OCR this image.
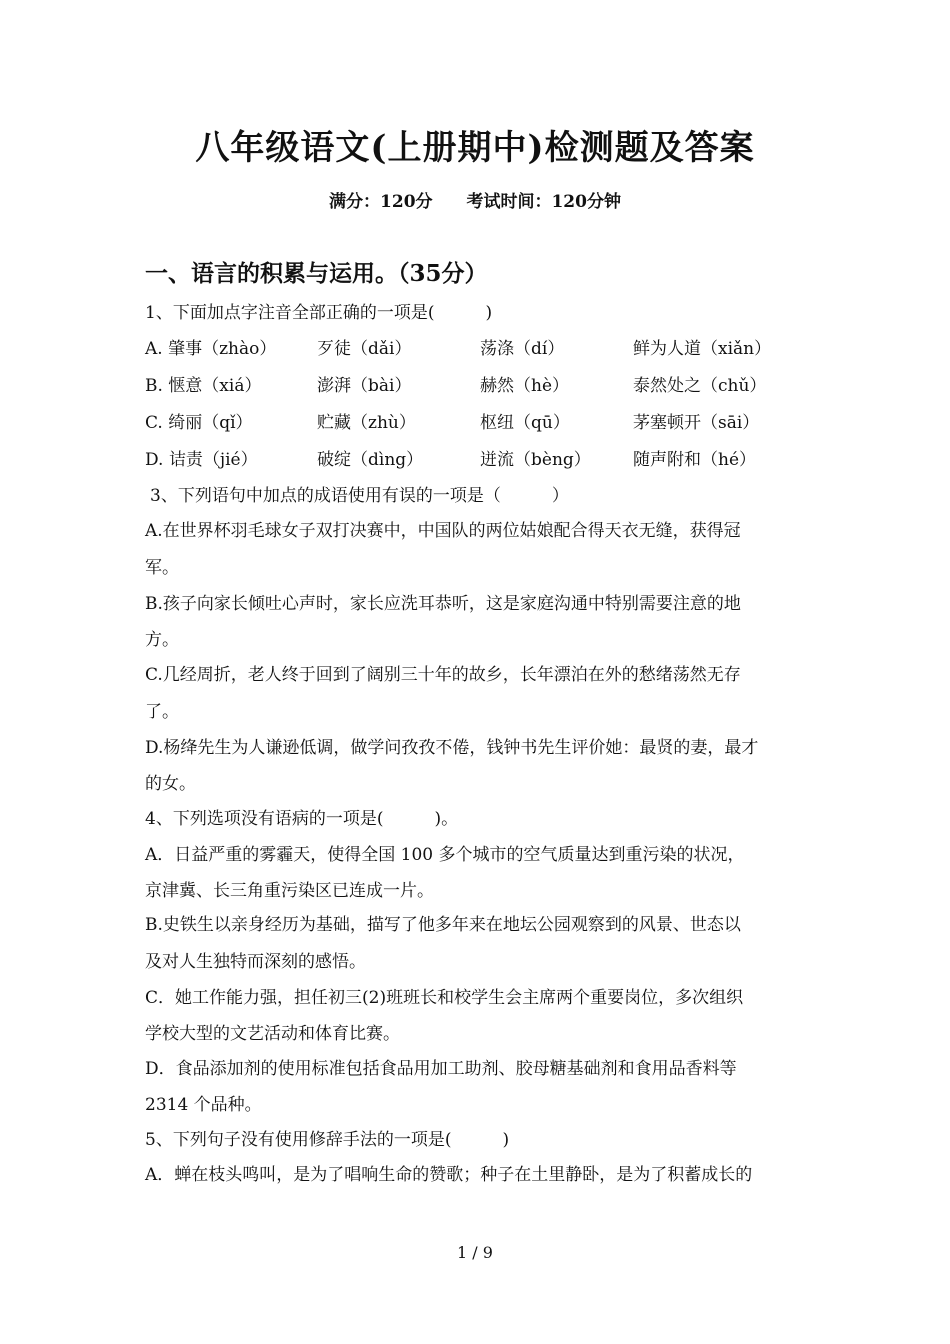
八年级语文(上册期中)检测题及答案
满分：120分 考试时间：120分钟
一、语言的积累与运用。（35分）
1、下面加点字注音全部正确的一项是(　　　)
A. 肇事（zhào） 歹徒（dǎi）	荡涤（dí）	鲜为人道（xiǎn）
B. 惬意（xiá）	澎湃（bài）	赫然（hè）	泰然处之（chǔ）
C. 绮丽（qǐ）	贮藏（zhù）	枢纽（qū）	茅塞顿开（sāi）
D. 诘责（jié）	破绽（dìng）	迸流（bèng） 随声附和（hé）
3、下列语句中加点的成语使用有误的一项是（　　　）
A.在世界杯羽毛球女子双打决赛中，中国队的两位姑娘配合得天衣无缝，获得冠
军。
B.孩子向家长倾吐心声时，家长应洗耳恭听，这是家庭沟通中特别需要注意的地
方。
C.几经周折，老人终于回到了阔别三十年的故乡，长年漂泊在外的愁绪荡然无存
了。
D.杨绛先生为人谦逊低调，做学问孜孜不倦，钱钟书先生评价她：最贤的妻，最才
的女。
4、下列选项没有语病的一项是(　　　)。
A．日益严重的雾霾天，使得全国 100 多个城市的空气质量达到重污染的状况，
京津冀、长三角重污染区已连成一片。
B.史铁生以亲身经历为基础，描写了他多年来在地坛公园观察到的风景、世态以
及对人生独特而深刻的感悟。
C．她工作能力强，担任初三(2)班班长和校学生会主席两个重要岗位，多次组织
学校大型的文艺活动和体育比赛。
D．食品添加剂的使用标准包括食品用加工助剂、胶母糖基础剂和食用品香料等
2314 个品种。
5、下列句子没有使用修辞手法的一项是(　　　)
A．蝉在枝头鸣叫，是为了唱响生命的赞歌；种子在土里静卧，是为了积蓄成长的
1 / 9
